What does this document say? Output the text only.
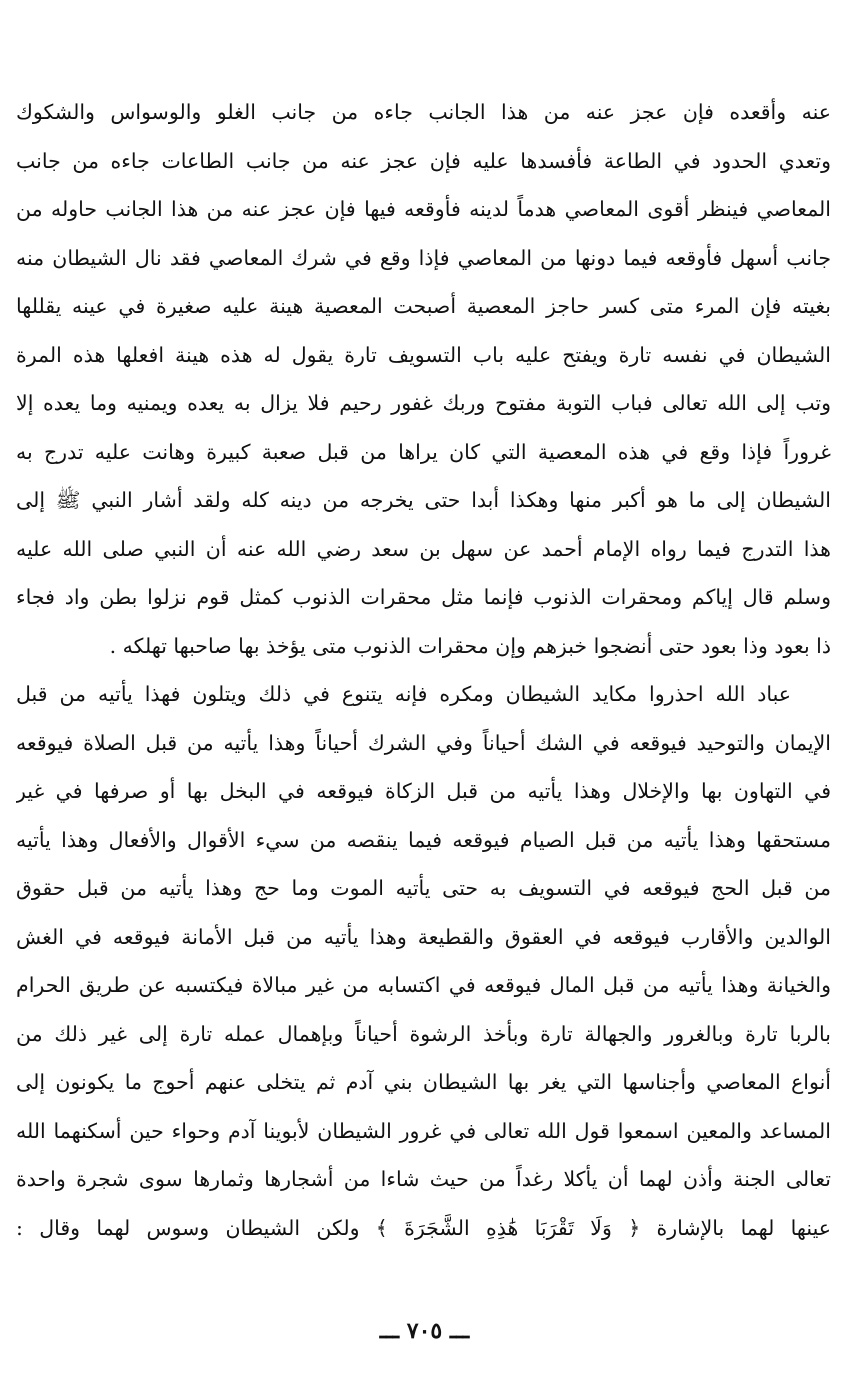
عنه وأقعده فإن عجز عنه من هذا الجانب جاءه من جانب الغلو والوسواس والشكوك
وتعدي الحدود في الطاعة فأفسدها عليه فإن عجز عنه من جانب الطاعات جاءه من جانب
المعاصي فينظر أقوى المعاصي هدماً لدينه فأوقعه فيها فإن عجز عنه من هذا الجانب حاوله من
جانب أسهل فأوقعه فيما دونها من المعاصي فإذا وقع في شرك المعاصي فقد نال الشيطان منه
بغيته فإن المرء متى كسر حاجز المعصية أصبحت المعصية هينة عليه صغيرة في عينه يقللها
الشيطان في نفسه تارة ويفتح عليه باب التسويف تارة يقول له هذه هينة افعلها هذه المرة
وتب إلى الله تعالى فباب التوبة مفتوح وربك غفور رحيم فلا يزال به يعده ويمنيه وما يعده إلا
غروراً فإذا وقع في هذه المعصية التي كان يراها من قبل صعبة كبيرة وهانت عليه تدرج به
الشيطان إلى ما هو أكبر منها وهكذا أبدا حتى يخرجه من دينه كله ولقد أشار النبي ﷺ إلى
هذا التدرج فيما رواه الإمام أحمد عن سهل بن سعد رضي الله عنه أن النبي صلى الله عليه
وسلم قال إياكم ومحقرات الذنوب فإنما مثل محقرات الذنوب كمثل قوم نزلوا بطن واد فجاء
ذا بعود وذا بعود حتى أنضجوا خبزهم وإن محقرات الذنوب متى يؤخذ بها صاحبها تهلكه .
عباد الله احذروا مكايد الشيطان ومكره فإنه يتنوع في ذلك ويتلون فهذا يأتيه من قبل
الإيمان والتوحيد فيوقعه في الشك أحياناً وفي الشرك أحياناً وهذا يأتيه من قبل الصلاة فيوقعه
في التهاون بها والإخلال وهذا يأتيه من قبل الزكاة فيوقعه في البخل بها أو صرفها في غير
مستحقها وهذا يأتيه من قبل الصيام فيوقعه فيما ينقصه من سيء الأقوال والأفعال وهذا يأتيه
من قبل الحج فيوقعه في التسويف به حتى يأتيه الموت وما حج وهذا يأتيه من قبل حقوق
الوالدين والأقارب فيوقعه في العقوق والقطيعة وهذا يأتيه من قبل الأمانة فيوقعه في الغش
والخيانة وهذا يأتيه من قبل المال فيوقعه في اكتسابه من غير مبالاة فيكتسبه عن طريق الحرام
بالربا تارة وبالغرور والجهالة تارة وبأخذ الرشوة أحياناً وبإهمال عمله تارة إلى غير ذلك من
أنواع المعاصي وأجناسها التي يغر بها الشيطان بني آدم ثم يتخلى عنهم أحوج ما يكونون إلى
المساعد والمعين اسمعوا قول الله تعالى في غرور الشيطان لأبوينا آدم وحواء حين أسكنهما الله
تعالى الجنة وأذن لهما أن يأكلا رغداً من حيث شاءا من أشجارها وثمارها سوى شجرة واحدة
عينها لهما بالإشارة ﴿ وَلَا تَقْرَبَا هَٰذِهِ الشَّجَرَةَ ﴾ ولكن الشيطان وسوس لهما وقال :
ـــ ٧٠٥ ـــ
